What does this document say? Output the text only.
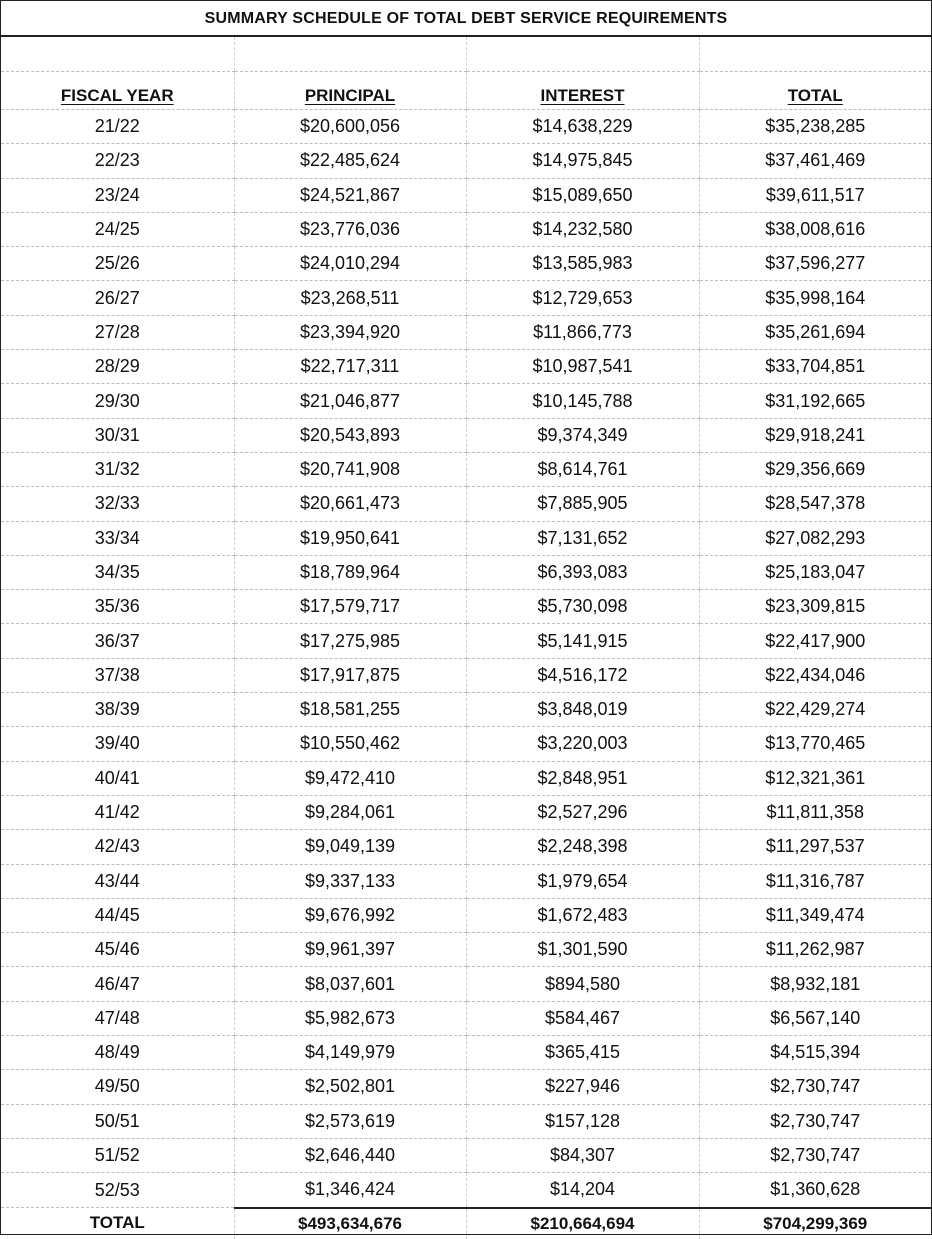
SUMMARY SCHEDULE OF TOTAL DEBT SERVICE REQUIREMENTS

FISCAL YEAR	PRINCIPAL	INTEREST	TOTAL
21/22	$20,600,056	$14,638,229	$35,238,285
22/23	$22,485,624	$14,975,845	$37,461,469
23/24	$24,521,867	$15,089,650	$39,611,517
24/25	$23,776,036	$14,232,580	$38,008,616
25/26	$24,010,294	$13,585,983	$37,596,277
26/27	$23,268,511	$12,729,653	$35,998,164
27/28	$23,394,920	$11,866,773	$35,261,694
28/29	$22,717,311	$10,987,541	$33,704,851
29/30	$21,046,877	$10,145,788	$31,192,665
30/31	$20,543,893	$9,374,349	$29,918,241
31/32	$20,741,908	$8,614,761	$29,356,669
32/33	$20,661,473	$7,885,905	$28,547,378
33/34	$19,950,641	$7,131,652	$27,082,293
34/35	$18,789,964	$6,393,083	$25,183,047
35/36	$17,579,717	$5,730,098	$23,309,815
36/37	$17,275,985	$5,141,915	$22,417,900
37/38	$17,917,875	$4,516,172	$22,434,046
38/39	$18,581,255	$3,848,019	$22,429,274
39/40	$10,550,462	$3,220,003	$13,770,465
40/41	$9,472,410	$2,848,951	$12,321,361
41/42	$9,284,061	$2,527,296	$11,811,358
42/43	$9,049,139	$2,248,398	$11,297,537
43/44	$9,337,133	$1,979,654	$11,316,787
44/45	$9,676,992	$1,672,483	$11,349,474
45/46	$9,961,397	$1,301,590	$11,262,987
46/47	$8,037,601	$894,580	$8,932,181
47/48	$5,982,673	$584,467	$6,567,140
48/49	$4,149,979	$365,415	$4,515,394
49/50	$2,502,801	$227,946	$2,730,747
50/51	$2,573,619	$157,128	$2,730,747
51/52	$2,646,440	$84,307	$2,730,747
52/53	$1,346,424	$14,204	$1,360,628
TOTAL	$493,634,676	$210,664,694	$704,299,369
